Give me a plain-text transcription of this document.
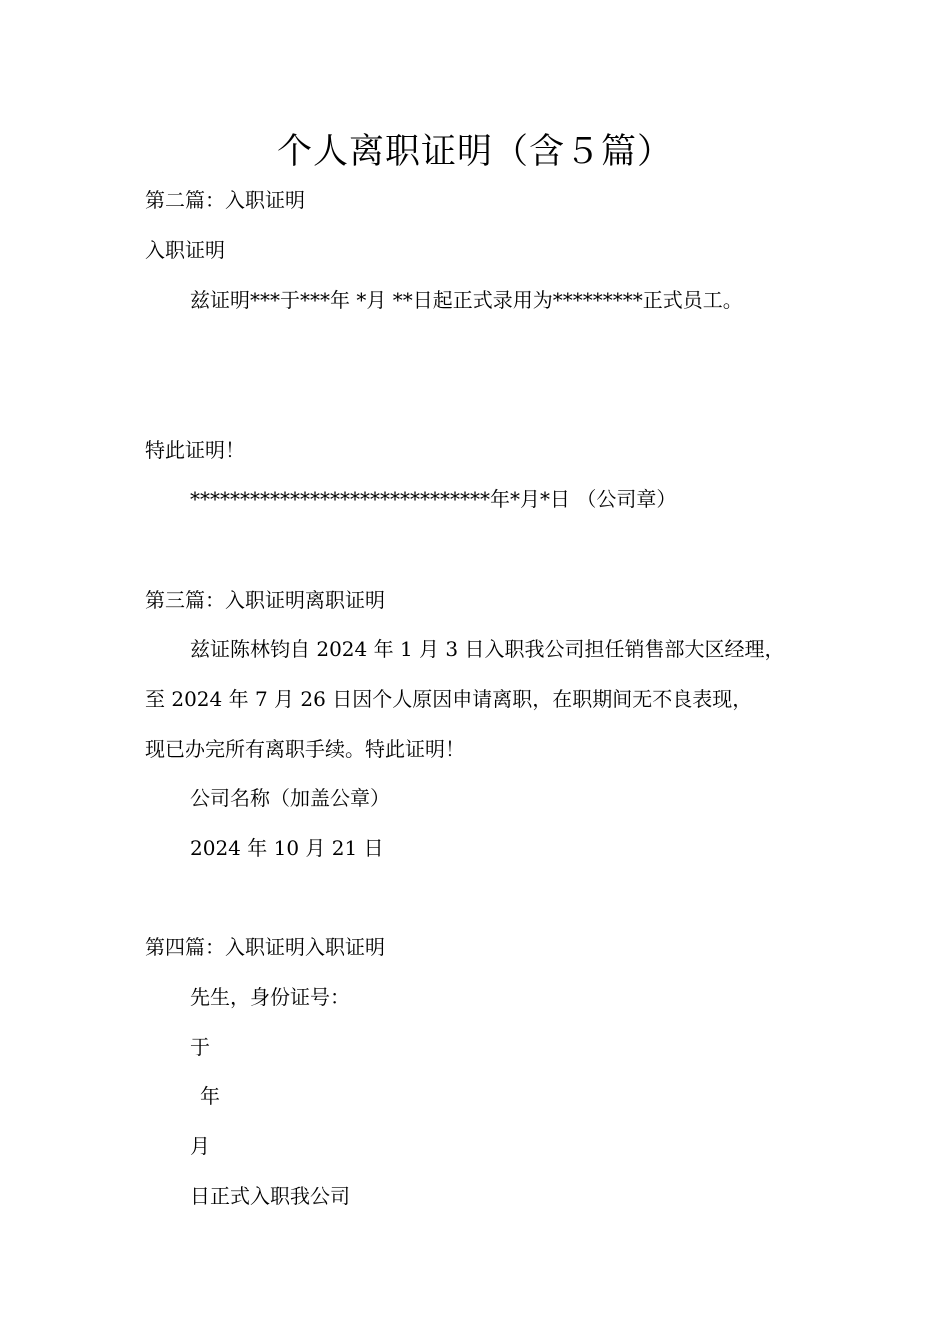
个人离职证明（含５篇）
第二篇：入职证明
入职证明
兹证明***于***年 *月 **日起正式录用为*********正式员工。
特此证明！
******************************年*月*日 （公司章）
第三篇：入职证明离职证明
兹证陈林钧自 2024 年 1 月 3 日入职我公司担任销售部大区经理，
至 2024 年 7 月 26 日因个人原因申请离职，在职期间无不良表现，
现已办完所有离职手续。特此证明！
公司名称（加盖公章）
2024 年 10 月 21 日
第四篇：入职证明入职证明
先生，身份证号：
于
年
月
日正式入职我公司
